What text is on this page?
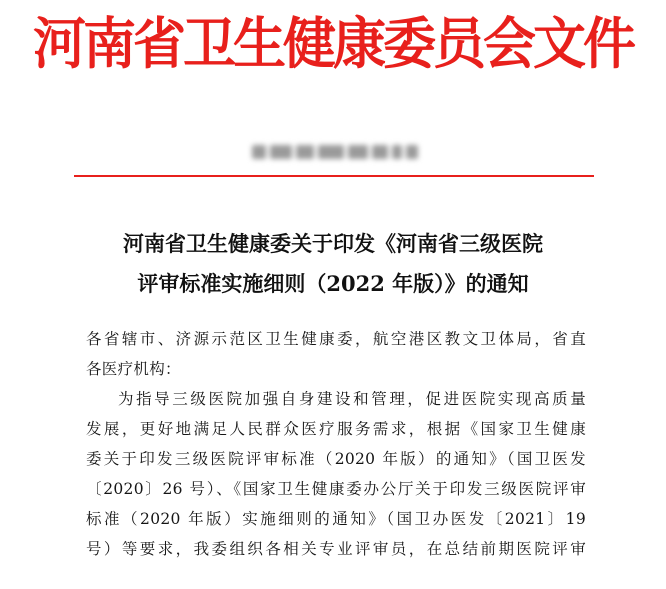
河南省卫生健康委员会文件
河南省卫生健康委关于印发《河南省三级医院
评审标准实施细则（2022 年版）》的通知
各省辖市、济源示范区卫生健康委，航空港区教文卫体局，省直
各医疗机构：
为指导三级医院加强自身建设和管理，促进医院实现高质量
发展，更好地满足人民群众医疗服务需求，根据《国家卫生健康
委关于印发三级医院评审标准（2020 年版）的通知》（国卫医发
〔2020〕26 号）、《国家卫生健康委办公厅关于印发三级医院评审
标准（2020 年版）实施细则的通知》（国卫办医发〔2021〕19
号）等要求，我委组织各相关专业评审员，在总结前期医院评审
